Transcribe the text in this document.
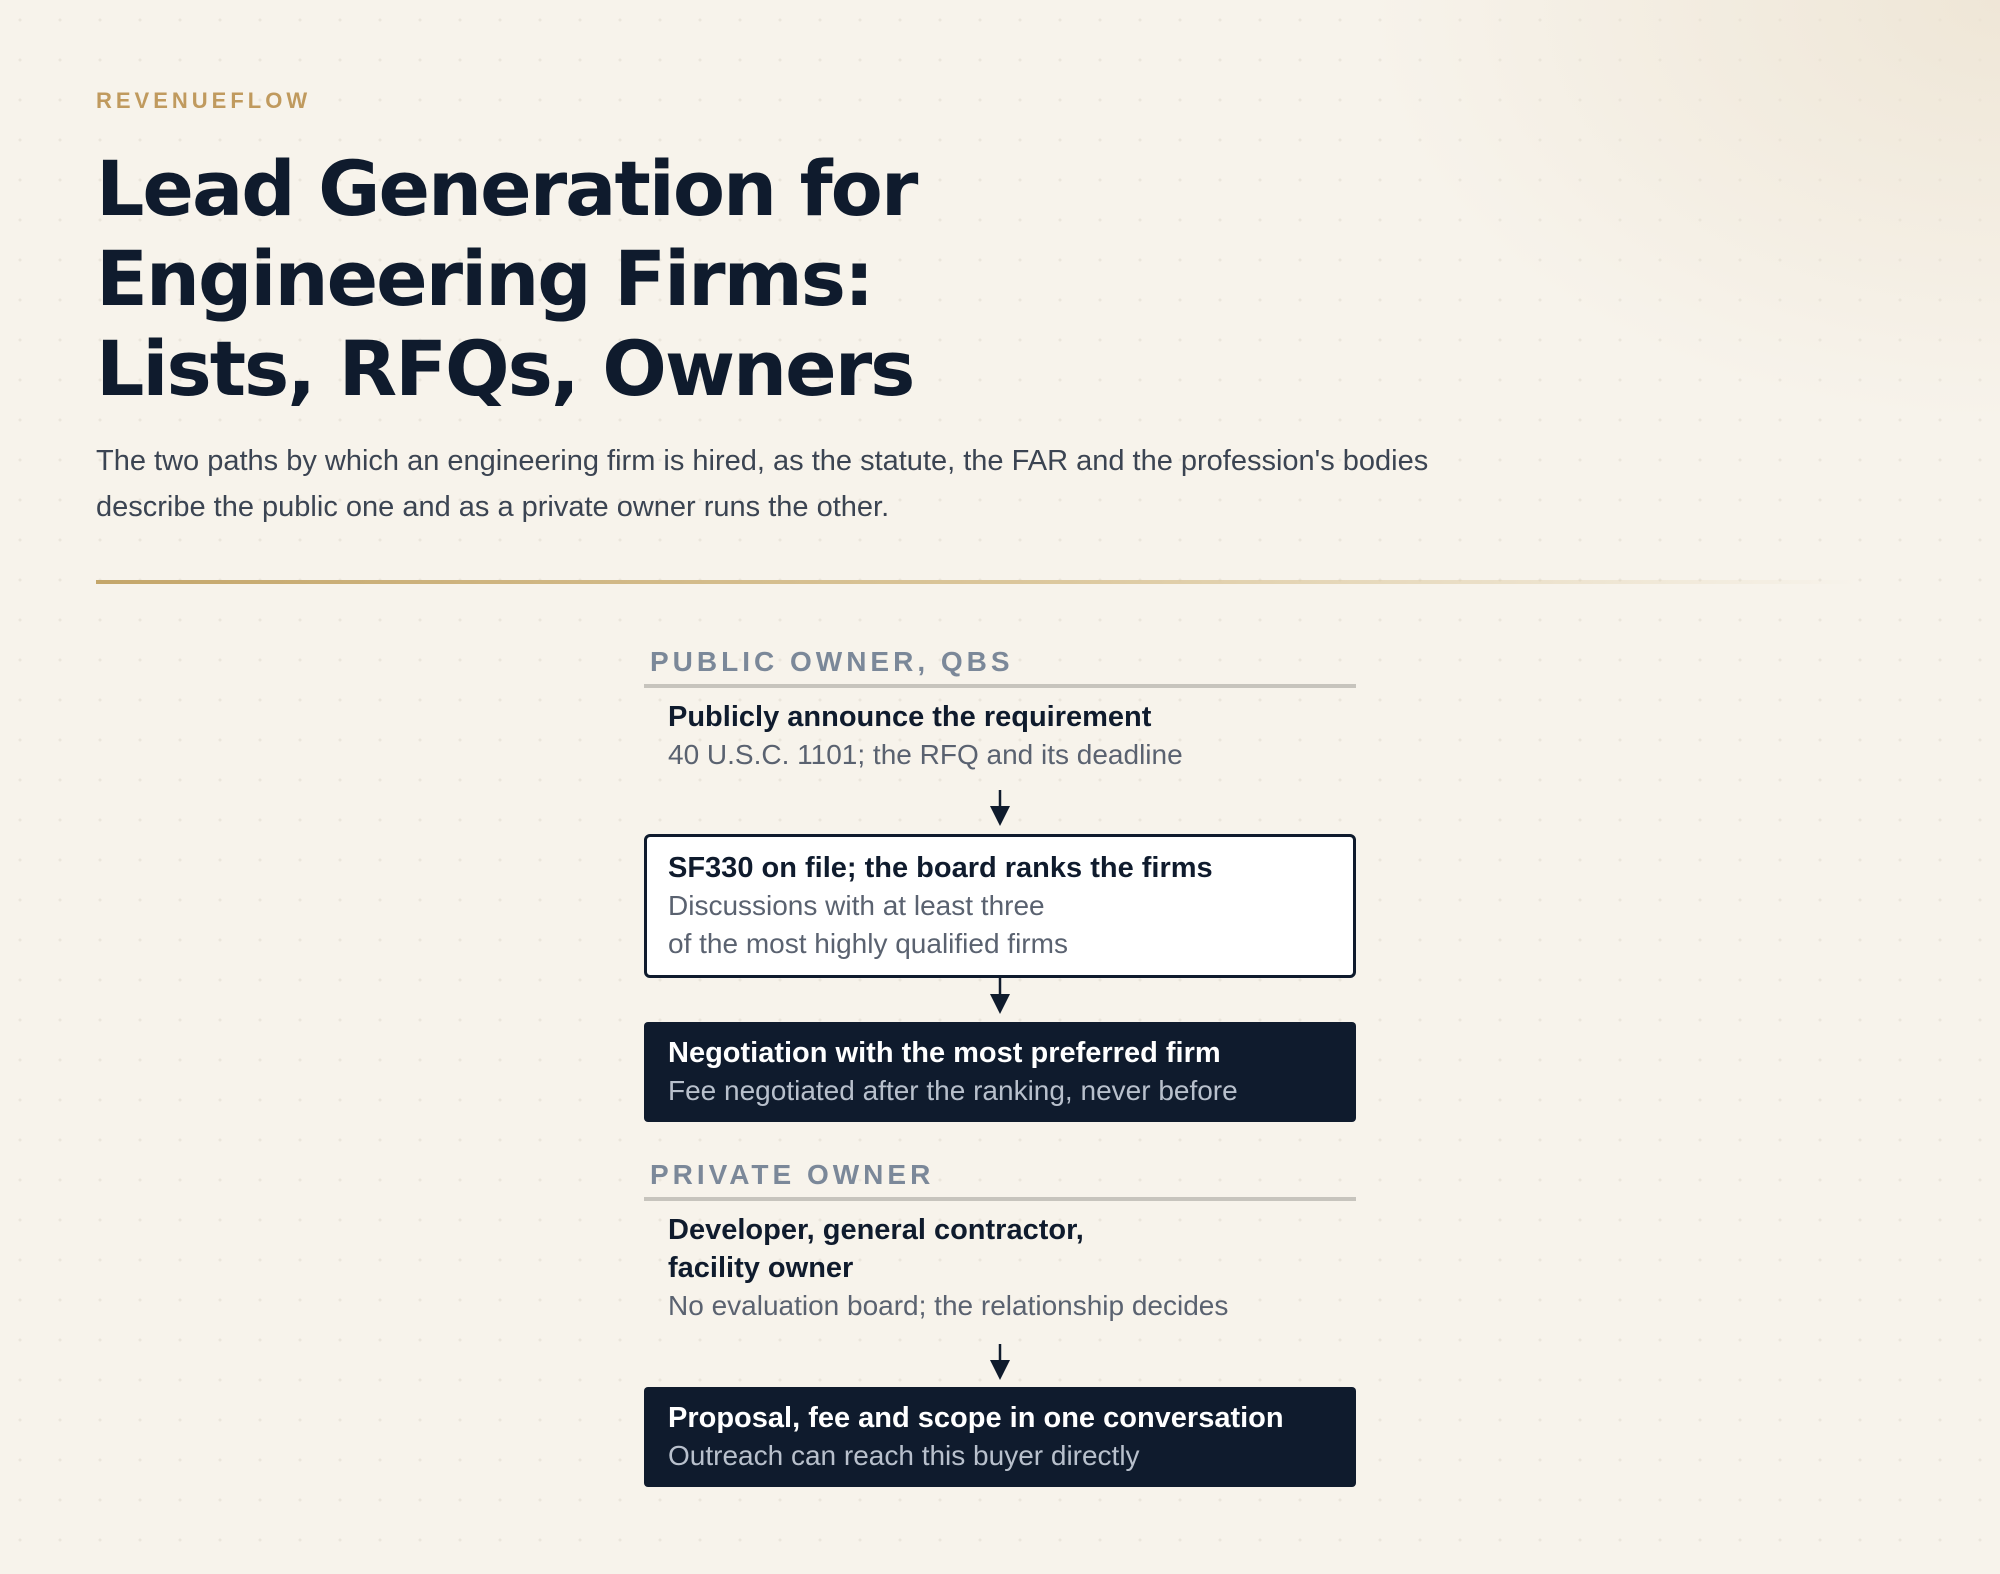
REVENUEFLOW
Lead Generation for Engineering Firms: Lists, RFQs, Owners

The two paths by which an engineering firm is hired, as the statute, the FAR and the profession's bodies describe the public one and as a private owner runs the other.

PUBLIC OWNER, QBS
Publicly announce the requirement
40 U.S.C. 1101; the RFQ and its deadline
SF330 on file; the board ranks the firms
Discussions with at least three
of the most highly qualified firms
Negotiation with the most preferred firm
Fee negotiated after the ranking, never before
PRIVATE OWNER
Developer, general contractor,
facility owner
No evaluation board; the relationship decides
Proposal, fee and scope in one conversation
Outreach can reach this buyer directly
